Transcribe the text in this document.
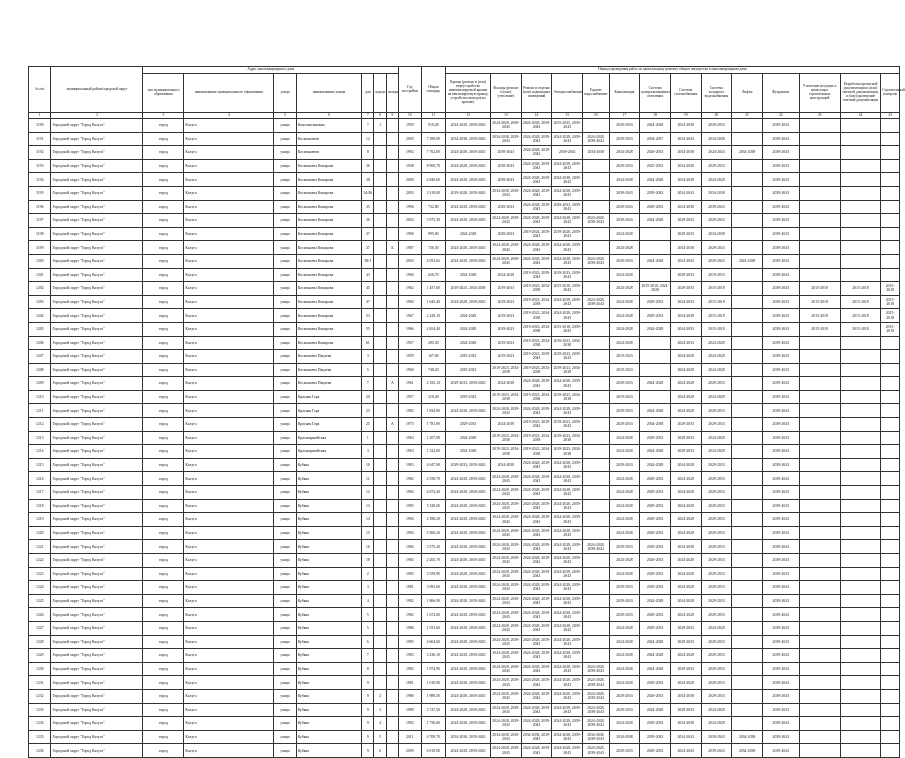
№ п/п	муниципальный район/городской округ	Адрес многоквартирного дома							Год постройки	Общая площадь	Период проведения работ по капитальному ремонту общего имущества в многоквартирном доме													
		тип муниципального образования	наименование муниципального образования	улица	наименование улицы	дом	корпус	литера			Крыша (ремонт и (или) переустройство невентилируемой крыши на вентилируемую крышу, устройство выходов на кровлю)	Фасады (ремонт и (или) утепление)	Ремонт и отделка (или) подвальных помещений	Электроснабжение	Горячее водоснабжение	Канализация	Система централизованного отопления	Система газоснабжения	Система холодного водоснабжения	Лифты	Фундамент	Утепление несущих и ненесущих строительных конструкций	Разработка проектной документации и (или) сметной документации, и (или) проведение сметной документации	Строительный контроль
1	2	3	4	5	6	7	8	9	10	11	12	13	14	15	16	17	18	19	20	21	22	23	24	25
1190	Городской округ "Город Калуга"	город	Калуга	улица	Константиновых	7	1		1959	910,28	2024-2028, 2039-2043	2024-2028, 2039-2043	2024-2028, 2039-2043	2015-2025, 2039-2043		2029-2033	2024-2028	2034-2038	2039-2033		2039-2043			
1191	Городской округ "Город Калуга"	город	Калуга	улица	Космонавтов	12			2005	7 398,00	2034-2038, 2039-2043	2034-2038, 2039-2043	2024-2028, 2039-2043	2024-2028, 2039-2043	2024-2028, 2039-2043	2029-2033	2034-2037	2034-2043	2034-2038		2039-2043			
1192	Городской округ "Город Калуга"	город	Калуга	улица	Космонавтов	8			1992	7 762,00	2024-2028, 2039-2043	2039-2043	2024-2028, 2039-2043	2039-2043	2034-2038	2034-2028	2029-2033	2034-2038	2024-2043	2034-2038	2039-2043			
1193	Городской округ "Город Калуга"	город	Калуга	улица	Космонавта Комарова	36			1938	8 969,70	2024-2028, 2039-2043	2039-2043	2024-2028, 2039-2043	2024-2028, 2039-2043		2029-2033	2025-2033	2034-2038	2029-2033		2039-2043			
1194	Городской округ "Город Калуга"	город	Калуга	улица	Космонавта Комарова	38			2000	4 840,60	2024-2028, 2039-2043	2039-2043	2024-2028, 2039-2043	2034-2038, 2039-2043		2034-2038	2024-2028	2034-2038	2024-2028		2039-2043			
1195	Городской округ "Город Калуга"	город	Калуга	улица	Космонавта Комарова	34/46			2003	3 318,00	2019-2028, 2039-2043	2034-2038, 2039-2043	2024-2028, 2039-2043	2024-2028, 2039-2043		2039-2043	2039-2043	2034-2043	2034-2038		2039-2043			
1196	Городской округ "Город Калуга"	город	Калуга	улица	Космонавта Комарова	35			1996	732,80	2024-2028, 2039-2043	2029-2033	2024-2028, 2039-2043	2029-2033, 2039-2043		2029-2043	2029-2033	2034-2038	2039-2043		2039-2043			
1197	Городской округ "Город Калуга"	город	Калуга	улица	Космонавта Комарова	36			2002	3 975,30	2024-2028, 2039-2043	2024-2028, 2039-2043	2024-2028, 2039-2043	2024-2028, 2039-2043	2024-2028, 2039-2043	2039-2043	2024-2028	2029-2033	2029-2043		2039-2043			
1198	Городской округ "Город Калуга"	город	Калуга	улица	Космонавта Комарова	37			1996	995,00	2024-2028	2029-2033	2019-2024, 2039-2043	2019-2028, 2039-2043		2024-2028		2029-2033	2034-2038		2039-2043			
1199	Городской округ "Город Калуга"	город	Калуга	улица	Космонавта Комарова	37		Б	1987	736,50	2024-2028, 2039-2043	2024-2028, 2039-2043	2024-2028, 2039-2043	2024-2028, 2039-2043		2024-2028		2034-2038	2029-2043		2039-2043			
1200	Городской округ "Город Калуга"	город	Калуга	улица	Космонавта Комарова	38/1			2003	4 053,62	2024-2028, 2039-2043	2024-2028, 2039-2043	2024-2028, 2039-2043	2024-2028, 2039-2043	2024-2028, 2039-2043	2029-2033	2024-2028	2034-2043	2029-2043	2024-2038	2039-2043			
1201	Городской округ "Город Калуга"	город	Калуга	улица	Космонавта Комарова	43			1960	626,70	2024-2028	2024-2028	2019-2023, 2039-2043	2019-2023, 2039-2043		2024-2028		2029-2033	2019-2033		2039-2043			
1202	Городской округ "Город Калуга"	город	Калуга	улица	Космонавта Комарова	45			1962	1 457,00	2019-2023, 2034-2038	2019-2033	2019-2023, 2034-2038	2015-2018, 2039-2043		2024-2028	2015-2018, 2024-2028	2029-2033	2015-2018		2039-2043	2015-2018	2015-2018	2015-2018
1203	Городской округ "Город Калуга"	город	Калуга	улица	Космонавта Комарова	47			1984	1 645,40	2024-2028, 2039-2043	2019-2023	2019-2023, 2034-2038	2024-2028, 2039-2043	2024-2028, 2039-2043	2024-2028	2029-2033	2024-2033	2015-2018		2039-2043	2015-2018	2015-2018	2015-2018
1204	Городской округ "Город Калуга"	город	Калуга	улица	Космонавта Комарова	53			1967	2 229,10	2024-2028	2019-2033	2019-2023, 2034-2038	2024-2028, 2039-2043		2024-2028	2029-2033	2034-2038	2015-2018		2039-2043	2015-2018	2015-2018	2015-2018
1205	Городской округ "Город Калуга"	город	Калуга	улица	Космонавта Комарова	55			1966	2 654,40	2024-2028	2019-2023	2019-2023, 2034-2038	2015-2018, 2039-2043		2024-2028	2024-2028	2024-2033	2015-2018		2039-2043	2015-2018	2015-2018	2015-2018
1206	Городской округ "Город Калуга"	город	Калуга	улица	Космонавта Комарова	61			1957	295,30	2024-2028	2019-2023	2019-2023, 2034-2038	2019-2023, 2034-2038		2024-2028		2024-2033	2024-2028		2039-2043			
1207	Городской округ "Город Калуга"	город	Калуга	улица	Космонавта Пацаева	3			1959	167,00	2019-2023	2019-2023	2019-2023, 2039-2043	2019-2023, 2039-2043		2019-2023		2024-2028	2024-2028		2039-2043			
1208	Городской округ "Город Калуга"	город	Калуга	улица	Космонавта Пацаева	5			1960	748,20	2019-2023	2019-2023, 2034-2038	2019-2023, 2034-2038	2019-2023, 2034-2038		2019-2023		2024-2028	2024-2028		2039-2043			
1209	Городской округ "Город Калуга"	город	Калуга	улица	Космонавта Пацаева	7		А	1961	4 182,10	2029-2033, 2039-2043	2024-2038	2024-2028, 2039-2043	2024-2028, 2039-2043		2029-2033	2024-2028	2024-2028	2029-2033		2039-2043			
1210	Городской округ "Город Калуга"	город	Калуга	улица	Красная Гора	20			1957	210,40	2019-2023	2019-2023, 2034-2038	2019-2023, 2034-2038	2019-2023, 2034-2038		2019-2023		2024-2028	2024-2028		2039-2043			
1211	Городской округ "Город Калуга"	город	Калуга	улица	Красная Гора	25			1982	1 834,90	2024-2028, 2039-2043	2024-2028, 2039-2043	2024-2028, 2039-2043	2024-2028, 2039-2043		2029-2033	2024-2028	2024-2028	2029-2033		2039-2043			
1212	Городской округ "Город Калуга"	город	Калуга	улица	Красная Гора	25		А	1975	1 781,90	2029-2033	2024-2038	2019-2023, 2039-2043	2019-2023, 2039-2043		2029-2033	2034-2038	2029-2033	2029-2033		2039-2043			
1213	Городской округ "Город Калуга"	город	Калуга	улица	Красноармейская	1			1963	1 207,90	2024-2028	2019-2023, 2034-2038	2019-2023, 2034-2038	2019-2023, 2034-2038		2024-2028	2029-2033	2029-2033	2024-2028		2039-2043			
1214	Городской округ "Город Калуга"	город	Калуга	улица	Красноармейская	3			1963	1 522,00	2024-2028	2019-2023, 2034-2038	2019-2023, 2034-2038	2019-2023, 2034-2038		2024-2028	2024-2028	2029-2033	2024-2028		2039-2043			
1215	Городской округ "Город Калуга"	город	Калуга	улица	Кубяка	10			1983	4 647,90	2029-2033, 2039-2043	2024-2038	2024-2028, 2039-2043	2024-2028, 2039-2043		2029-2033	2024-2028	2024-2028	2029-2033		2039-2043			
1216	Городской округ "Город Калуга"	город	Калуга	улица	Кубяка	11			1982	2 558,70	2024-2028, 2039-2043	2024-2028, 2039-2043	2024-2028, 2039-2043	2024-2028, 2039-2043		2024-2028	2029-2033	2024-2028	2029-2033		2039-2043			
1217	Городской округ "Город Калуга"	город	Калуга	улица	Кубяка	12			1984	4 674,40	2024-2028, 2039-2043	2024-2028, 2039-2043	2024-2028, 2039-2043	2024-2028, 2039-2043		2024-2028	2029-2033	2024-2028	2029-2033		2039-2043			
1218	Городской округ "Город Калуга"	город	Калуга	улица	Кубяка	13			1983	5 328,00	2024-2028, 2039-2043	2024-2028, 2039-2043	2024-2028, 2039-2043	2024-2028, 2039-2043		2024-2028	2029-2033	2024-2028	2029-2033		2039-2043			
1219	Городской округ "Город Калуга"	город	Калуга	улица	Кубяка	14			1984	2 398,20	2024-2028, 2039-2043	2024-2028, 2039-2043	2024-2028, 2039-2043	2024-2028, 2039-2043		2024-2028	2029-2033	2024-2028	2029-2033		2039-2043			
1220	Городской округ "Город Калуга"	город	Калуга	улица	Кубяка	15			1984	3 360,20	2024-2028, 2039-2043	2024-2028, 2039-2043	2024-2028, 2039-2043	2024-2028, 2039-2043		2024-2028	2029-2033	2024-2028	2029-2033		2039-2043			
1221	Городской округ "Город Калуга"	город	Калуга	улица	Кубяка	16			1984	3 575,20	2024-2028, 2039-2043	2024-2028, 2039-2043	2024-2028, 2039-2043	2024-2028, 2039-2043	2024-2028, 2039-2043	2029-2033	2029-2033	2034-2038	2029-2033		2039-2043			
1222	Городской округ "Город Калуга"	город	Калуга	улица	Кубяка	18			1984	2 265,70	2024-2028, 2039-2043	2024-2028, 2039-2043	2024-2028, 2039-2043	2024-2028, 2039-2043		2024-2028	2029-2033	2024-2028	2029-2033		2039-2043			
1223	Городской округ "Город Калуга"	город	Калуга	улица	Кубяка	2			1983	3 559,90	2024-2028, 2039-2043	2024-2028, 2039-2043	2024-2028, 2039-2043	2024-2028, 2039-2043		2024-2028	2029-2033	2024-2028	2029-2033		2039-2043			
1224	Городской округ "Город Калуга"	город	Калуга	улица	Кубяка	3			1981	3 093,60	2024-2028, 2039-2043	2024-2028, 2039-2043	2024-2028, 2039-2043	2024-2028, 2039-2043		2029-2033	2029-2033	2024-2028	2029-2033		2039-2043			
1225	Городской округ "Город Калуга"	город	Калуга	улица	Кубяка	4			1982	1 866,90	2024-2028, 2039-2043	2024-2028, 2039-2043	2024-2028, 2039-2043	2024-2028, 2039-2043		2029-2033	2024-2028	2024-2028	2029-2033		2039-2043			
1226	Городской округ "Город Калуга"	город	Калуга	улица	Кубяка	5			1982	1 672,60	2024-2028, 2039-2043	2024-2028, 2039-2043	2024-2028, 2039-2043	2024-2028, 2039-2043		2029-2033	2029-2033	2024-2028	2029-2033		2039-2043			
1227	Городской округ "Город Калуга"	город	Калуга	улица	Кубяка	5			1986	1 553,60	2024-2028, 2039-2043	2024-2028, 2039-2043	2024-2028, 2039-2043	2024-2028, 2039-2043		2024-2028	2029-2033	2029-2033	2024-2028		2039-2043			
1228	Городской округ "Город Калуга"	город	Калуга	улица	Кубяка	6			1983	4 604,60	2024-2028, 2039-2043	2024-2028, 2039-2043	2024-2028, 2039-2043	2024-2028, 2039-2043		2024-2028	2024-2028	2029-2033	2029-2033		2039-2043			
1229	Городской округ "Город Калуга"	город	Калуга	улица	Кубяка	7			1983	3 236,10	2024-2028, 2039-2043	2024-2028, 2039-2043	2024-2028, 2039-2043	2024-2028, 2039-2043		2024-2028	2024-2028	2024-2028	2029-2033		2039-2043			
1230	Городской округ "Город Калуга"	город	Калуга	улица	Кубяка	8			1982	1 974,90	2024-2028, 2039-2043	2024-2028, 2039-2043	2024-2028, 2039-2043	2024-2028, 2039-2043	2024-2028, 2039-2043	2024-2028	2024-2028	2029-2033	2029-2033		2039-2043			
1231	Городской округ "Город Калуга"	город	Калуга	улица	Кубяка	9			1981	1 010,90	2024-2028, 2039-2043	2024-2028, 2039-2043	2024-2028, 2039-2043	2024-2028, 2039-2043	2024-2028, 2039-2043	2024-2028	2029-2033	2024-2028	2029-2033		2039-2043			
1232	Городской округ "Город Калуга"	город	Калуга	улица	Кубяка	9	2		1986	1 988,50	2024-2028, 2039-2043	2024-2028, 2039-2043	2024-2028, 2039-2043	2024-2028, 2039-2043	2024-2028, 2039-2043	2029-2033	2029-2033	2034-2038	2029-2033		2039-2043			
1233	Городской округ "Город Калуга"	город	Калуга	улица	Кубяка	9	3		1989	3 747,50	2024-2028, 2039-2043	2024-2028, 2039-2043	2024-2028, 2039-2043	2024-2028, 2039-2043	2024-2028, 2039-2043	2029-2033	2024-2028	2029-2033	2024-2028		2039-2043			
1234	Городской округ "Город Калуга"	город	Калуга	улица	Кубяка	9	4		1992	1 756,80	2024-2028, 2039-2043	2024-2028, 2039-2043	2024-2028, 2039-2043	2024-2028, 2039-2043	2024-2028, 2039-2043	2024-2028	2029-2033	2034-2038	2024-2028		2039-2043			
1235	Городской округ "Город Калуга"	город	Калуга	улица	Кубяка	9	5		2011	4 709,70	2034-2038, 2039-2043	2034-2038, 2039-2043	2034-2038, 2039-2043	2034-2038, 2039-2043	2034-2038, 2039-2043	2034-2038	2039-2043	2034-2043	2039-2043	2034-2038	2039-2043			
1236	Городской округ "Город Калуга"	город	Калуга	улица	Кубяка	9	6		2009	6 018,00	2024-2028, 2039-2043	2024-2028, 2039-2043	2024-2028, 2039-2043	2024-2028, 2039-2043	2024-2028, 2039-2043	2029-2033	2029-2033	2024-2043	2039-2043	2034-2038	2039-2043			
